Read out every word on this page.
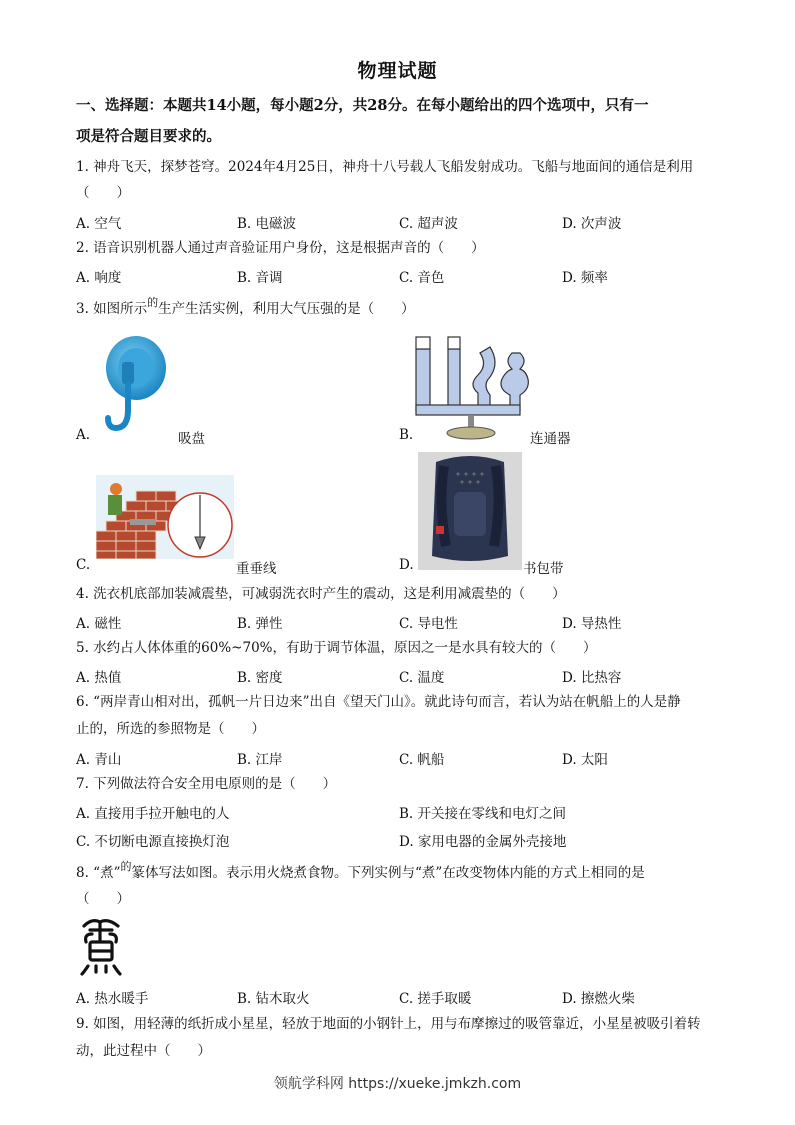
物理试题
一、选择题：本题共14小题，每小题2分，共28分。在每小题给出的四个选项中，只有一
项是符合题目要求的。
1. 神舟飞天，探梦苍穹。2024年4月25日，神舟十八号载人飞船发射成功。飞船与地面间的通信是利用
（　　）
A. 空气	B. 电磁波	C. 超声波	D. 次声波
2. 语音识别机器人通过声音验证用户身份，这是根据声音的（　　）
A. 响度	B. 音调	C. 音色	D. 频率
3. 如图所示$^的$生产生活实例，利用大气压强的是（　　）
A.	吸盘	B.	连通器
C.	重垂线	D.	书包带
4. 洗衣机底部加装减震垫，可减弱洗衣时产生的震动，这是利用减震垫的（　　）
A. 磁性	B. 弹性	C. 导电性	D. 导热性
5. 水约占人体体重的60%~70%，有助于调节体温，原因之一是水具有较大的（　　）
A. 热值	B. 密度	C. 温度	D. 比热容
6. “两岸青山相对出，孤帆一片日边来”出自《望天门山》。就此诗句而言，若认为站在帆船上的人是静
止的，所选的参照物是（　　）
A. 青山	B. 江岸	C. 帆船	D. 太阳
7. 下列做法符合安全用电原则的是（　　）
A. 直接用手拉开触电的人	B. 开关接在零线和电灯之间
C. 不切断电源直接换灯泡	D. 家用电器的金属外壳接地
8. “煮”$^的$篆体写法如图。表示用火烧煮食物。下列实例与“煮”在改变物体内能的方式上相同的是
（　　）
A. 热水暖手	B. 钻木取火	C. 搓手取暖	D. 擦燃火柴
9. 如图，用轻薄的纸折成小星星，轻放于地面的小钢针上，用与布摩擦过的吸管靠近，小星星被吸引着转
动，此过程中（　　）
领航学科网 https://xueke.jmkzh.com
